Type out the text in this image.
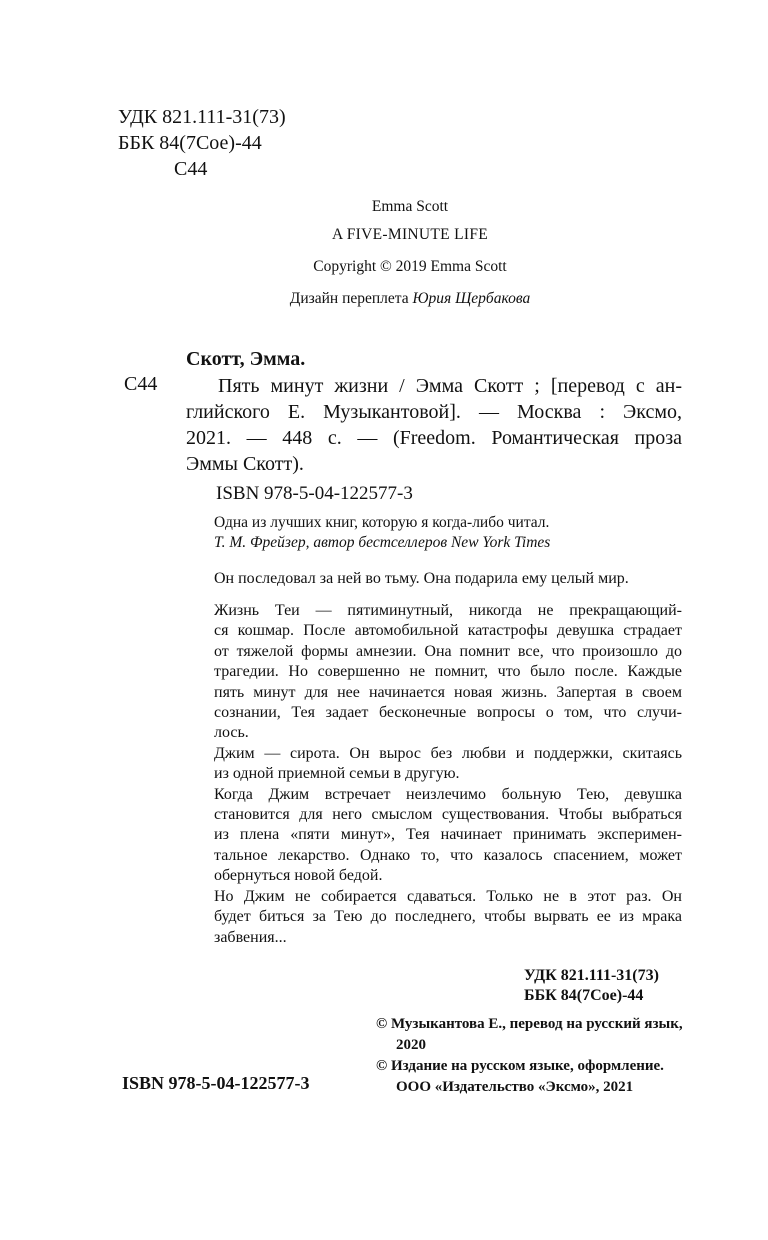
УДК 821.111-31(73)
ББК 84(7Сое)-44
С44
Emma Scott
A FIVE-MINUTE LIFE
Copyright © 2019 Emma Scott
Дизайн переплета Юрия Щербакова
Скотт, Эмма.
С44	Пять минут жизни / Эмма Скотт ; [перевод с ан-
глийского Е. Музыкантовой]. — Москва : Эксмо,
2021. — 448 с. — (Freedom. Романтическая проза
Эммы Скотт).
ISBN 978-5-04-122577-3
Одна из лучших книг, которую я когда-либо читал.
Т. М. Фрейзер, автор бестселлеров New York Times
Он последовал за ней во тьму. Она подарила ему целый мир.
Жизнь Теи — пятиминутный, никогда не прекращающий-
ся кошмар. После автомобильной катастрофы девушка страдает
от тяжелой формы амнезии. Она помнит все, что произошло до
трагедии. Но совершенно не помнит, что было после. Каждые
пять минут для нее начинается новая жизнь. Запертая в своем
сознании, Тея задает бесконечные вопросы о том, что случи-
лось.
Джим — сирота. Он вырос без любви и поддержки, скитаясь
из одной приемной семьи в другую.
Когда Джим встречает неизлечимо больную Тею, девушка
становится для него смыслом существования. Чтобы выбраться
из плена «пяти минут», Тея начинает принимать эксперимен-
тальное лекарство. Однако то, что казалось спасением, может
обернуться новой бедой.
Но Джим не собирается сдаваться. Только не в этот раз. Он
будет биться за Тею до последнего, чтобы вырвать ее из мрака
забвения...
УДК 821.111-31(73)
ББК 84(7Сое)-44
© Музыкантова Е., перевод на русский язык,
2020
© Издание на русском языке, оформление.
ООО «Издательство «Эксмо», 2021
ISBN 978-5-04-122577-3
